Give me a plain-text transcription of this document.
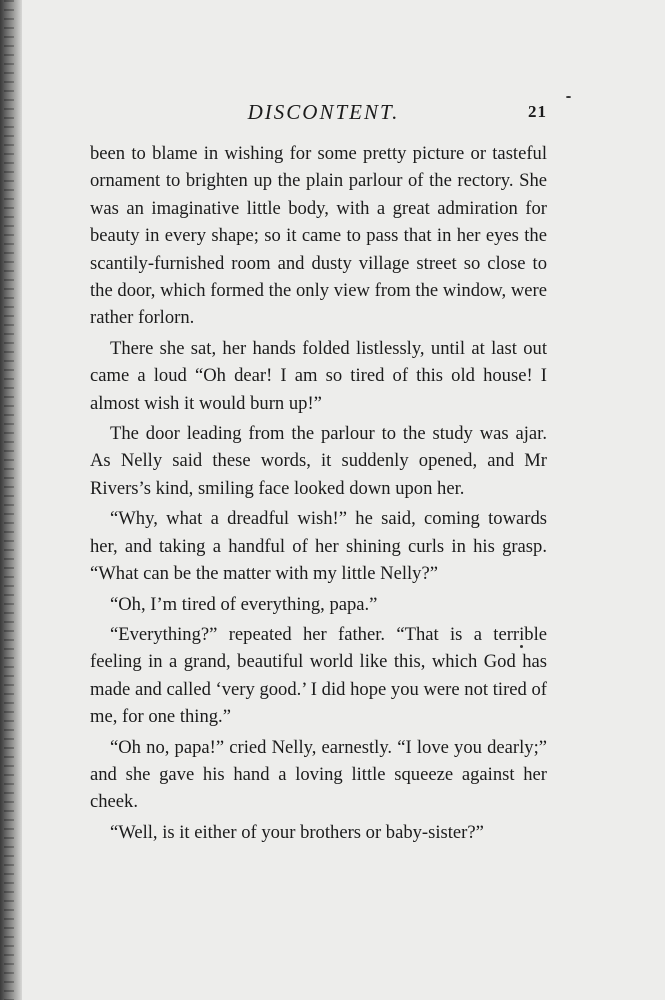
DISCONTENT.	21

been to blame in wishing for some pretty picture or tasteful ornament to brighten up the plain parlour of the rectory. She was an imaginative little body, with a great admiration for beauty in every shape; so it came to pass that in her eyes the scantily-furnished room and dusty village street so close to the door, which formed the only view from the window, were rather forlorn.

There she sat, her hands folded listlessly, until at last out came a loud “Oh dear! I am so tired of this old house! I almost wish it would burn up!”

The door leading from the parlour to the study was ajar. As Nelly said these words, it suddenly opened, and Mr Rivers’s kind, smiling face looked down upon her.

“Why, what a dreadful wish!” he said, coming towards her, and taking a handful of her shining curls in his grasp. “What can be the matter with my little Nelly?”

“Oh, I’m tired of everything, papa.”

“Everything?” repeated her father. “That is a terrible feeling in a grand, beautiful world like this, which God has made and called ‘very good.’ I did hope you were not tired of me, for one thing.”

“Oh no, papa!” cried Nelly, earnestly. “I love you dearly;” and she gave his hand a loving little squeeze against her cheek.

“Well, is it either of your brothers or baby-sister?”
